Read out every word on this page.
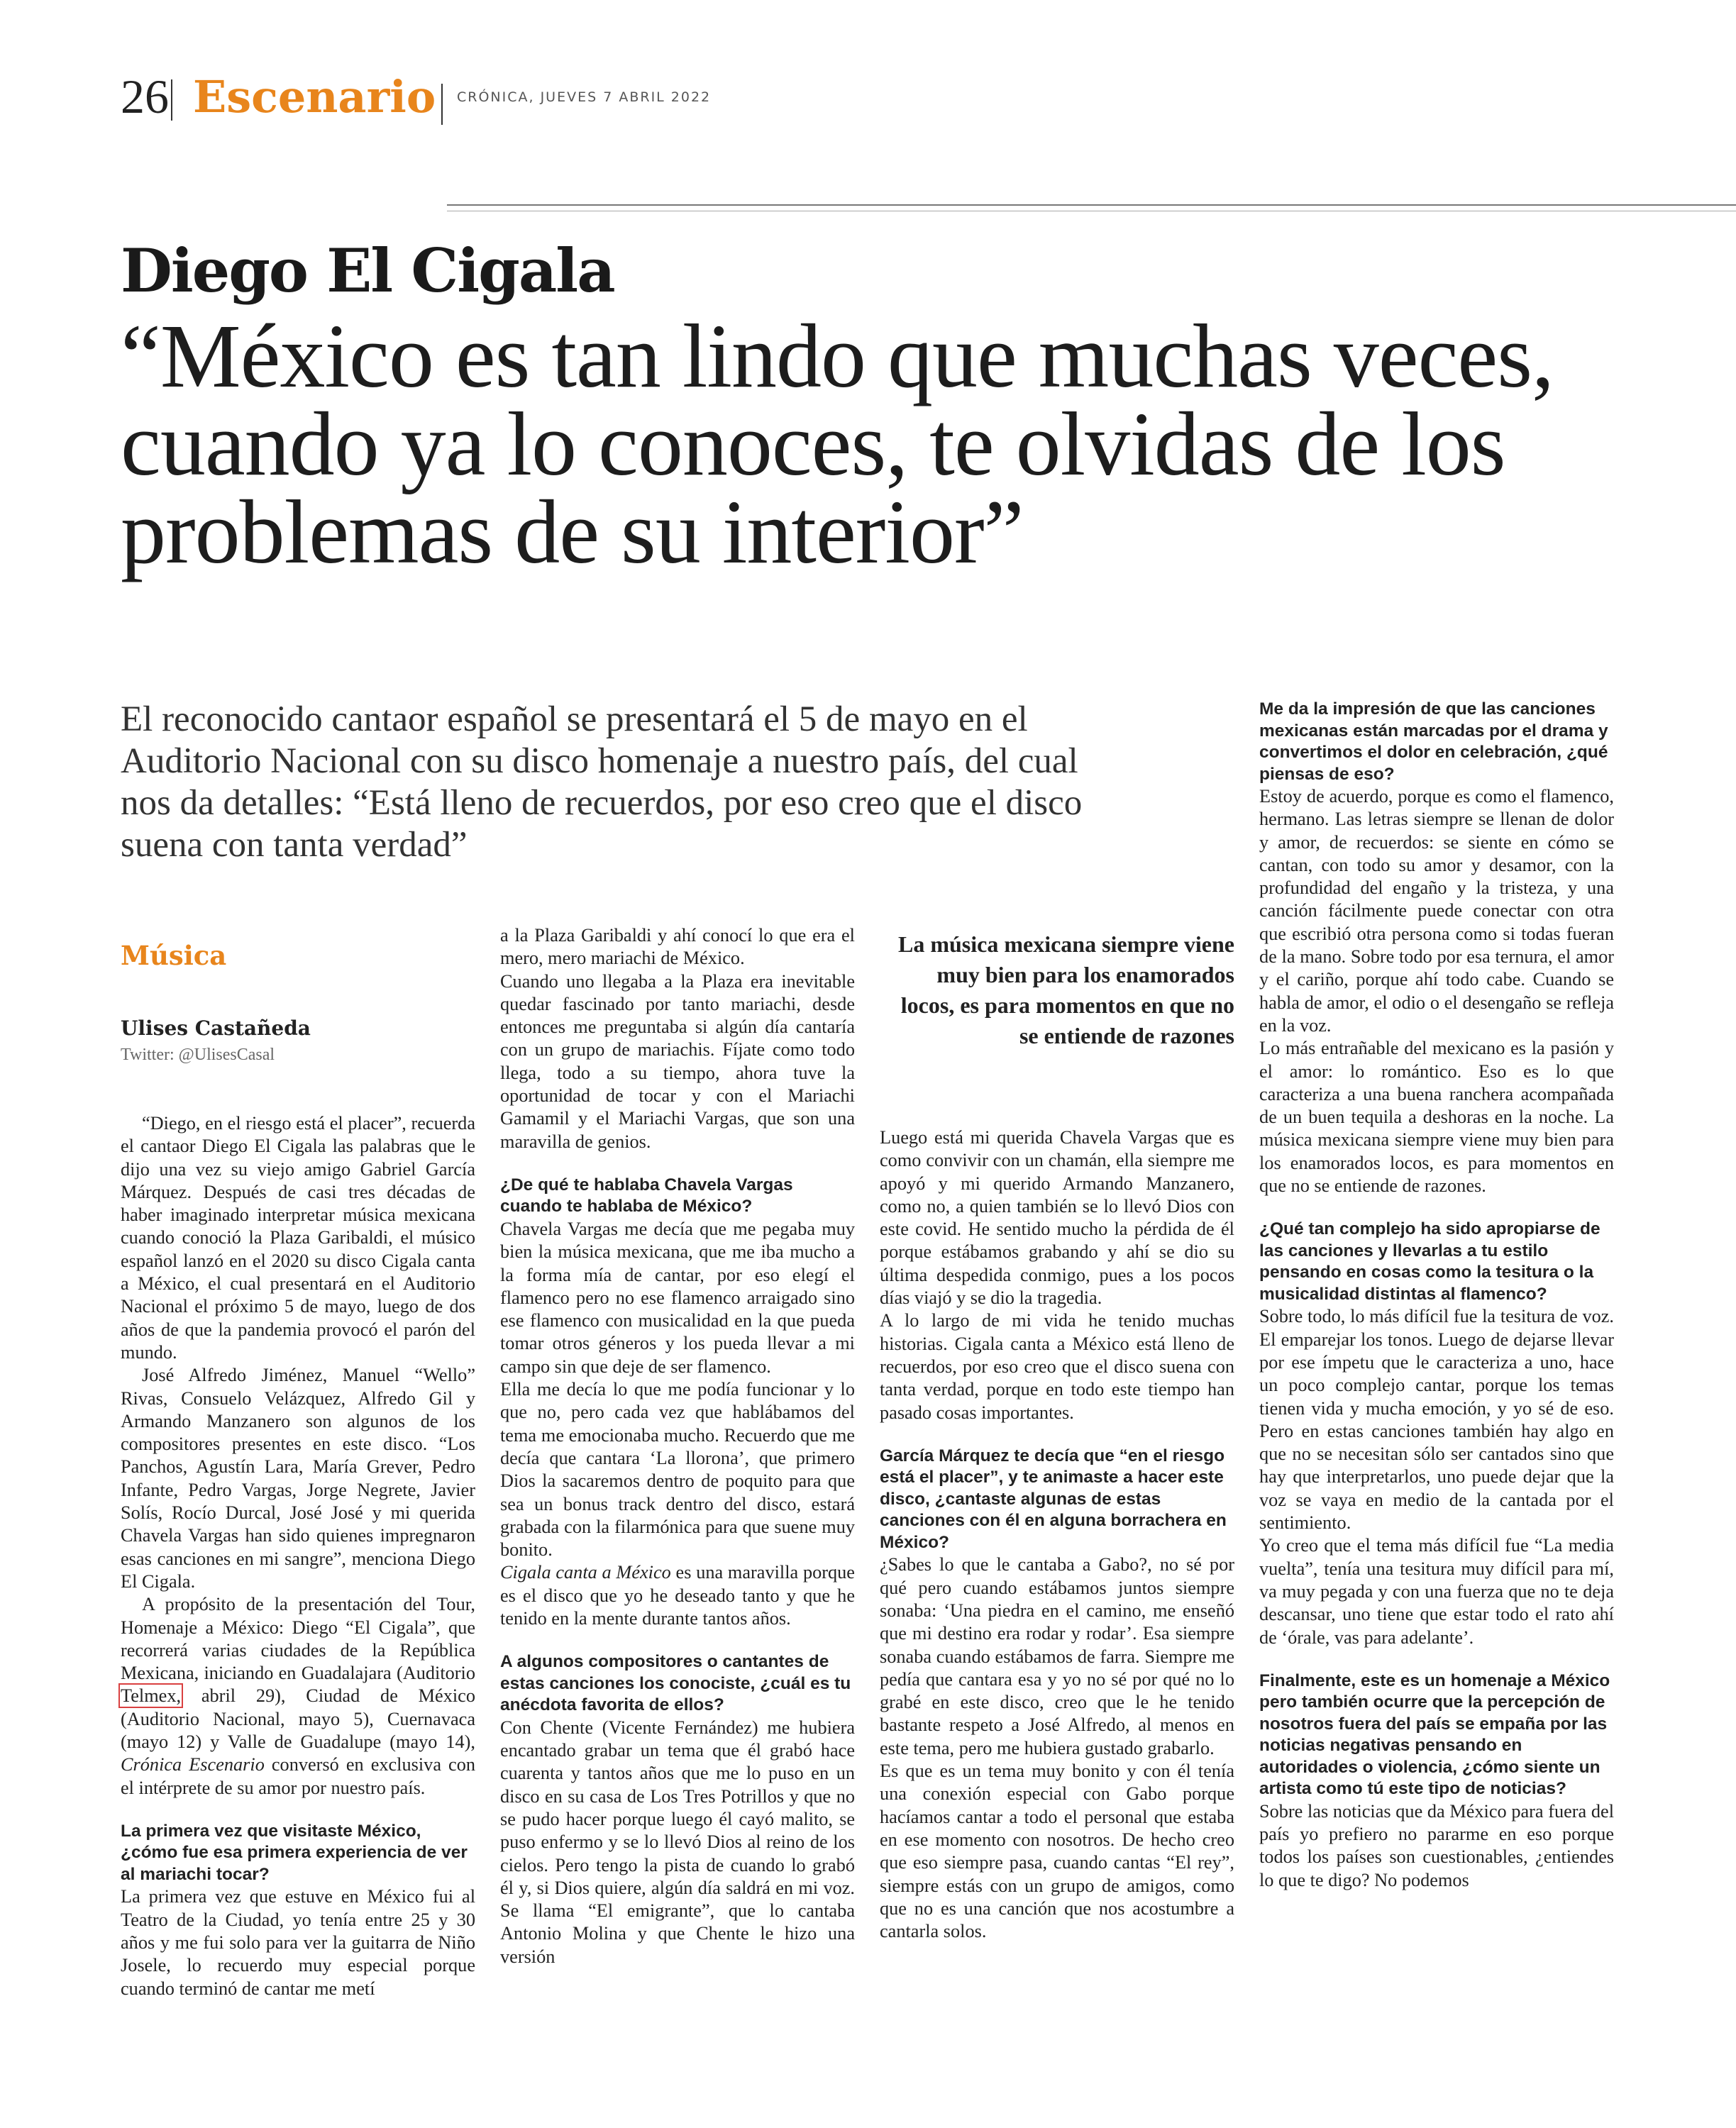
26 Escenario CRÓNICA, JUEVES 7 ABRIL 2022
Diego El Cigala
“México es tan lindo que muchas veces, cuando ya lo conoces, te olvidas de los problemas de su interior”
El reconocido cantaor español se presentará el 5 de mayo en el Auditorio Nacional con su disco homenaje a nuestro país, del cual nos da detalles: “Está lleno de recuerdos, por eso creo que el disco suena con tanta verdad”
Música
Ulises Castañeda
Twitter: @UlisesCasal

“Diego, en el riesgo está el placer”, recuerda el cantaor Diego El Cigala las palabras que le dijo una vez su viejo amigo Gabriel García Márquez. Después de casi tres décadas de haber imaginado interpretar música mexicana cuando conoció la Plaza Garibaldi, el músico español lanzó en el 2020 su disco Cigala canta a México, el cual presentará en el Auditorio Nacional el próximo 5 de mayo, luego de dos años de que la pandemia provocó el parón del mundo.

José Alfredo Jiménez, Manuel “Wello” Rivas, Consuelo Velázquez, Alfredo Gil y Armando Manzanero son algunos de los compositores presentes en este disco. “Los Panchos, Agustín Lara, María Grever, Pedro Infante, Pedro Vargas, Jorge Negrete, Javier Solís, Rocío Durcal, José José y mi querida Chavela Vargas han sido quienes impregnaron esas canciones en mi sangre”, menciona Diego El Cigala.

A propósito de la presentación del Tour, Homenaje a México: Diego “El Cigala”, que recorrerá varias ciudades de la República Mexicana, iniciando en Guadalajara (Auditorio Telmex, abril 29), Ciudad de México (Auditorio Nacional, mayo 5), Cuernavaca (mayo 12) y Valle de Guadalupe (mayo 14), Crónica Escenario conversó en exclusiva con el intérprete de su amor por nuestro país.

La primera vez que visitaste México, ¿cómo fue esa primera experiencia de ver al mariachi tocar?

La primera vez que estuve en México fui al Teatro de la Ciudad, yo tenía entre 25 y 30 años y me fui solo para ver la guitarra de Niño Josele, lo recuerdo muy especial porque cuando terminó de cantar me metí

a la Plaza Garibaldi y ahí conocí lo que era el mero, mero mariachi de México.

Cuando uno llegaba a la Plaza era inevitable quedar fascinado por tanto mariachi, desde entonces me preguntaba si algún día cantaría con un grupo de mariachis. Fíjate como todo llega, todo a su tiempo, ahora tuve la oportunidad de tocar y con el Mariachi Gamamil y el Mariachi Vargas, que son una maravilla de genios.

¿De qué te hablaba Chavela Vargas cuando te hablaba de México?

Chavela Vargas me decía que me pegaba muy bien la música mexicana, que me iba mucho a la forma mía de cantar, por eso elegí el flamenco pero no ese flamenco arraigado sino ese flamenco con musicalidad en la que pueda tomar otros géneros y los pueda llevar a mi campo sin que deje de ser flamenco.

Ella me decía lo que me podía funcionar y lo que no, pero cada vez que hablábamos del tema me emocionaba mucho. Recuerdo que me decía que cantara ‘La llorona’, que primero Dios la sacaremos dentro de poquito para que sea un bonus track dentro del disco, estará grabada con la filarmónica para que suene muy bonito.

Cigala canta a México es una maravilla porque es el disco que yo he deseado tanto y que he tenido en la mente durante tantos años.

A algunos compositores o cantantes de estas canciones los conociste, ¿cuál es tu anécdota favorita de ellos?

Con Chente (Vicente Fernández) me hubiera encantado grabar un tema que él grabó hace cuarenta y tantos años que me lo puso en un disco en su casa de Los Tres Potrillos y que no se pudo hacer porque luego él cayó malito, se puso enfermo y se lo llevó Dios al reino de los cielos. Pero tengo la pista de cuando lo grabó él y, si Dios quiere, algún día saldrá en mi voz. Se llama “El emigrante”, que lo cantaba Antonio Molina y que Chente le hizo una versión

La música mexicana siempre viene muy bien para los enamorados locos, es para momentos en que no se entiende de razones

Luego está mi querida Chavela Vargas que es como convivir con un chamán, ella siempre me apoyó y mi querido Armando Manzanero, como no, a quien también se lo llevó Dios con este covid. He sentido mucho la pérdida de él porque estábamos grabando y ahí se dio su última despedida conmigo, pues a los pocos días viajó y se dio la tragedia.

A lo largo de mi vida he tenido muchas historias. Cigala canta a México está lleno de recuerdos, por eso creo que el disco suena con tanta verdad, porque en todo este tiempo han pasado cosas importantes.

García Márquez te decía que “en el riesgo está el placer”, y te animaste a hacer este disco, ¿cantaste algunas de estas canciones con él en alguna borrachera en México?

¿Sabes lo que le cantaba a Gabo?, no sé por qué pero cuando estábamos juntos siempre sonaba: ‘Una piedra en el camino, me enseñó que mi destino era rodar y rodar’. Esa siempre sonaba cuando estábamos de farra. Siempre me pedía que cantara esa y yo no sé por qué no lo grabé en este disco, creo que le he tenido bastante respeto a José Alfredo, al menos en este tema, pero me hubiera gustado grabarlo.

Es que es un tema muy bonito y con él tenía una conexión especial con Gabo porque hacíamos cantar a todo el personal que estaba en ese momento con nosotros. De hecho creo que eso siempre pasa, cuando cantas “El rey”, siempre estás con un grupo de amigos, como que no es una canción que nos acostumbre a cantarla solos.

Me da la impresión de que las canciones mexicanas están marcadas por el drama y convertimos el dolor en celebración, ¿qué piensas de eso?

Estoy de acuerdo, porque es como el flamenco, hermano. Las letras siempre se llenan de dolor y amor, de recuerdos: se siente en cómo se cantan, con todo su amor y desamor, con la profundidad del engaño y la tristeza, y una canción fácilmente puede conectar con otra que escribió otra persona como si todas fueran de la mano. Sobre todo por esa ternura, el amor y el cariño, porque ahí todo cabe. Cuando se habla de amor, el odio o el desengaño se refleja en la voz.

Lo más entrañable del mexicano es la pasión y el amor: lo romántico. Eso es lo que caracteriza a una buena ranchera acompañada de un buen tequila a deshoras en la noche. La música mexicana siempre viene muy bien para los enamorados locos, es para momentos en que no se entiende de razones.

¿Qué tan complejo ha sido apropiarse de las canciones y llevarlas a tu estilo pensando en cosas como la tesitura o la musicalidad distintas al flamenco?

Sobre todo, lo más difícil fue la tesitura de voz. El emparejar los tonos. Luego de dejarse llevar por ese ímpetu que le caracteriza a uno, hace un poco complejo cantar, porque los temas tienen vida y mucha emoción, y yo sé de eso. Pero en estas canciones también hay algo en que no se necesitan sólo ser cantados sino que hay que interpretarlos, uno puede dejar que la voz se vaya en medio de la cantada por el sentimiento.

Yo creo que el tema más difícil fue “La media vuelta”, tenía una tesitura muy difícil para mí, va muy pegada y con una fuerza que no te deja descansar, uno tiene que estar todo el rato ahí de ‘órale, vas para adelante’.

Finalmente, este es un homenaje a México pero también ocurre que la percepción de nosotros fuera del país se empaña por las noticias negativas pensando en autoridades o violencia, ¿cómo siente un artista como tú este tipo de noticias?

Sobre las noticias que da México para fuera del país yo prefiero no pararme en eso porque todos los países son cuestionables, ¿entiendes lo que te digo? No podemos
